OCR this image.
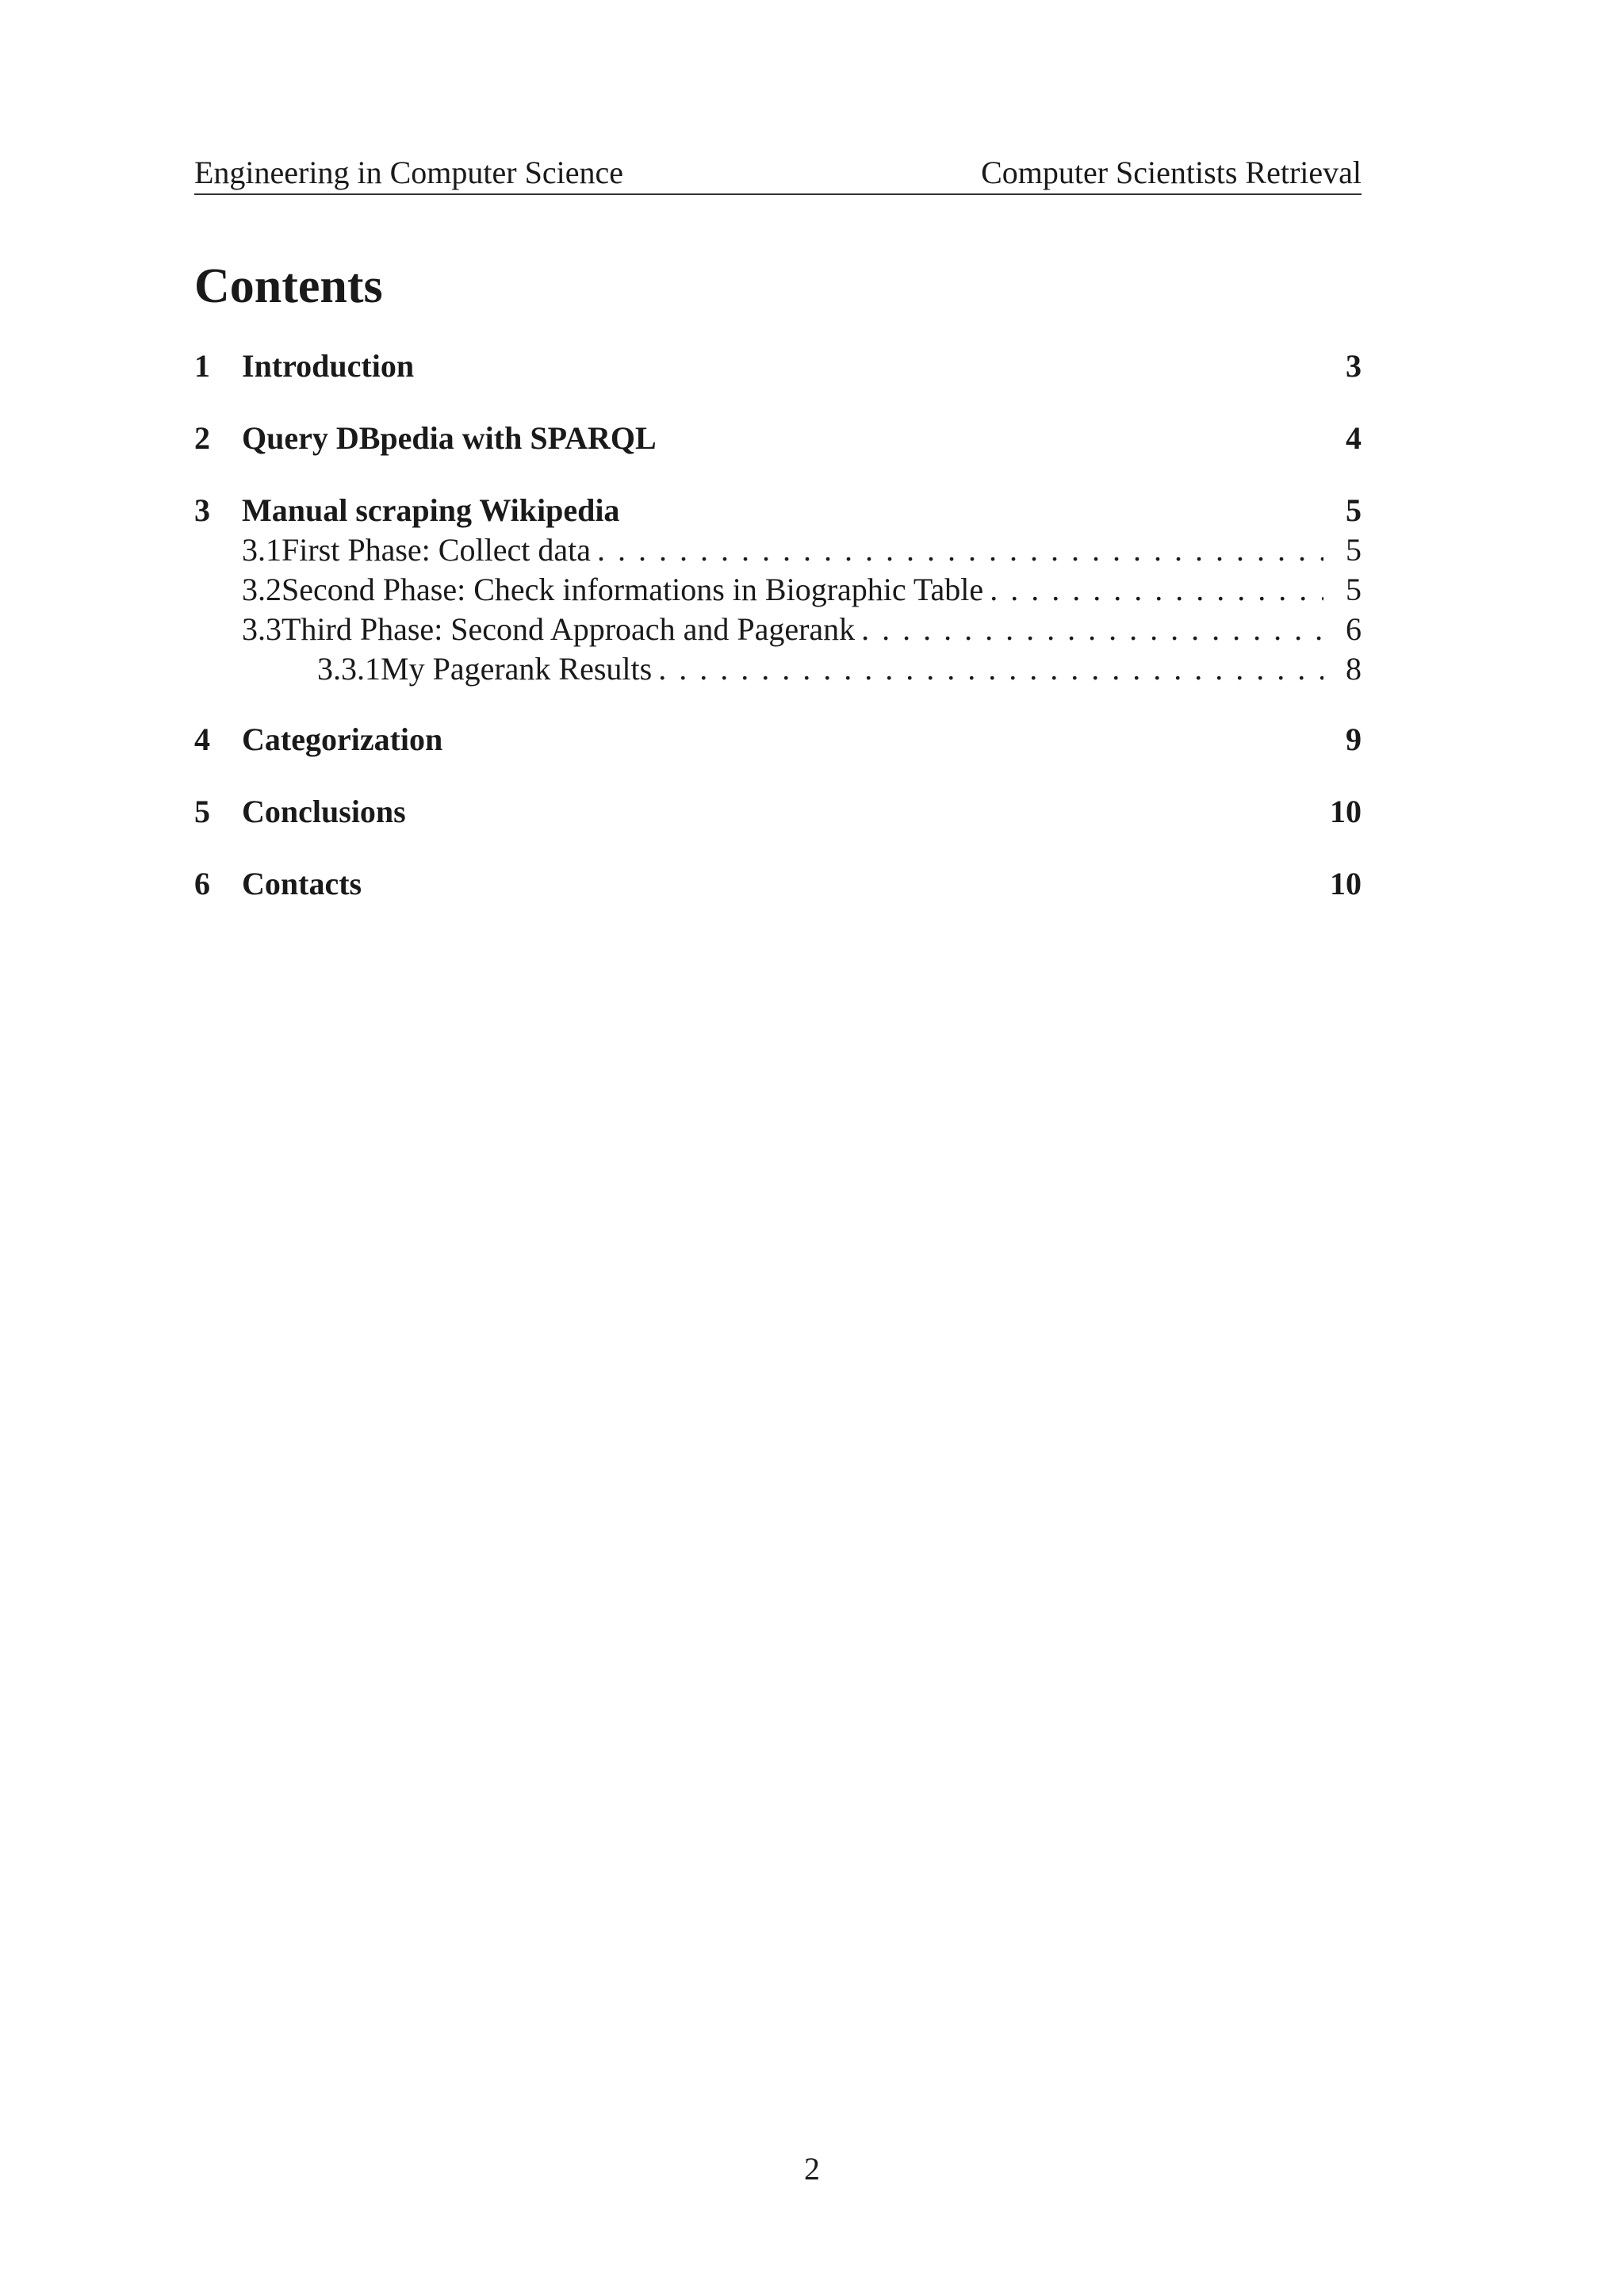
Engineering in Computer Science	Computer Scientists Retrieval
Contents
1	Introduction	3
2	Query DBpedia with SPARQL	4
3	Manual scraping Wikipedia	5
3.1 First Phase: Collect data . . .	5
3.2 Second Phase: Check informations in Biographic Table . . .	5
3.3 Third Phase: Second Approach and Pagerank . . .	6
3.3.1 My Pagerank Results . . .	8
4	Categorization	9
5	Conclusions	10
6	Contacts	10
2
